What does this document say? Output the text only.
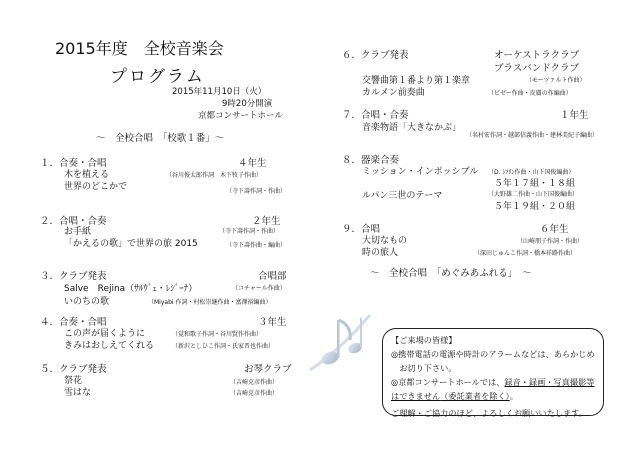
2015年度　全校音楽会
プログラム
2015年11月10日（火）
9時20分開演
京都コンサートホール
～　全校合唱　「校歌１番」～
１．合奏・合唱	４年生
木を植える	（谷川俊太郎作詞　木下牧子作曲）
世界のどこかで	（寺下壽作詞・作曲）
２．合唱・合奏	２年生
お手紙	（寺下壽作詞・作曲）
「かえるの歌」で世界の旅 2015	（寺下壽作曲・編曲）
３．クラブ発表	合唱部
Salve　Rejina（ｻﾙｳﾞｪ・ﾚｼﾞｰﾅ）	（コチャール作曲）
いのちの歌	（Miyabi 作詞・村松崇継作曲・富澤裕編曲）
４．合奏・合唱	３年生
この声が届くように	（覚和歌子作詞・谷川賢作作曲）
きみはおしえてくれる	（新沢としひこ作詞・氏家晋也作曲）
５．クラブ発表	お琴クラブ
祭花	（吉崎克彦作曲）
雪はな	（吉崎克彦作曲）
６．クラブ発表	オーケストラクラブ
ブラスバンドクラブ
交響曲第１番より第１楽章	（モーツァルト作曲）
カルメン前奏曲	（ビゼー作曲・皮膚の作編曲）
７．合唱・合奏	１年生
音楽物語「大きなかぶ」
（名村宏作詞・越部信義作曲・建林美紀子編曲）
８．器楽合奏
ミッション・インポッシブル （D. ｼﾌﾘﾝ作曲・山下国俊編曲）
５年１７組・１８組
ルパン三世のテーマ	（大野雄二作曲・山下国俊編曲）
５年１９組・２０組
９．合唱	６年生
大切なもの	（山崎朋子作詞・作曲）
時の旅人	（深田じゅんこ作詞・橋本祥路作曲）
～　全校合唱　「めぐみあふれる」　～
【ご来場の皆様】
◎携帯電話の電源や時計のアラームなどは、あらかじめ
　お切り下さい。
◎京都コンサートホールでは、録音・録画・写真撮影等
はできません（委託業者を除く）。
ご理解・ご協力のほど、よろしくお願いいたします。
